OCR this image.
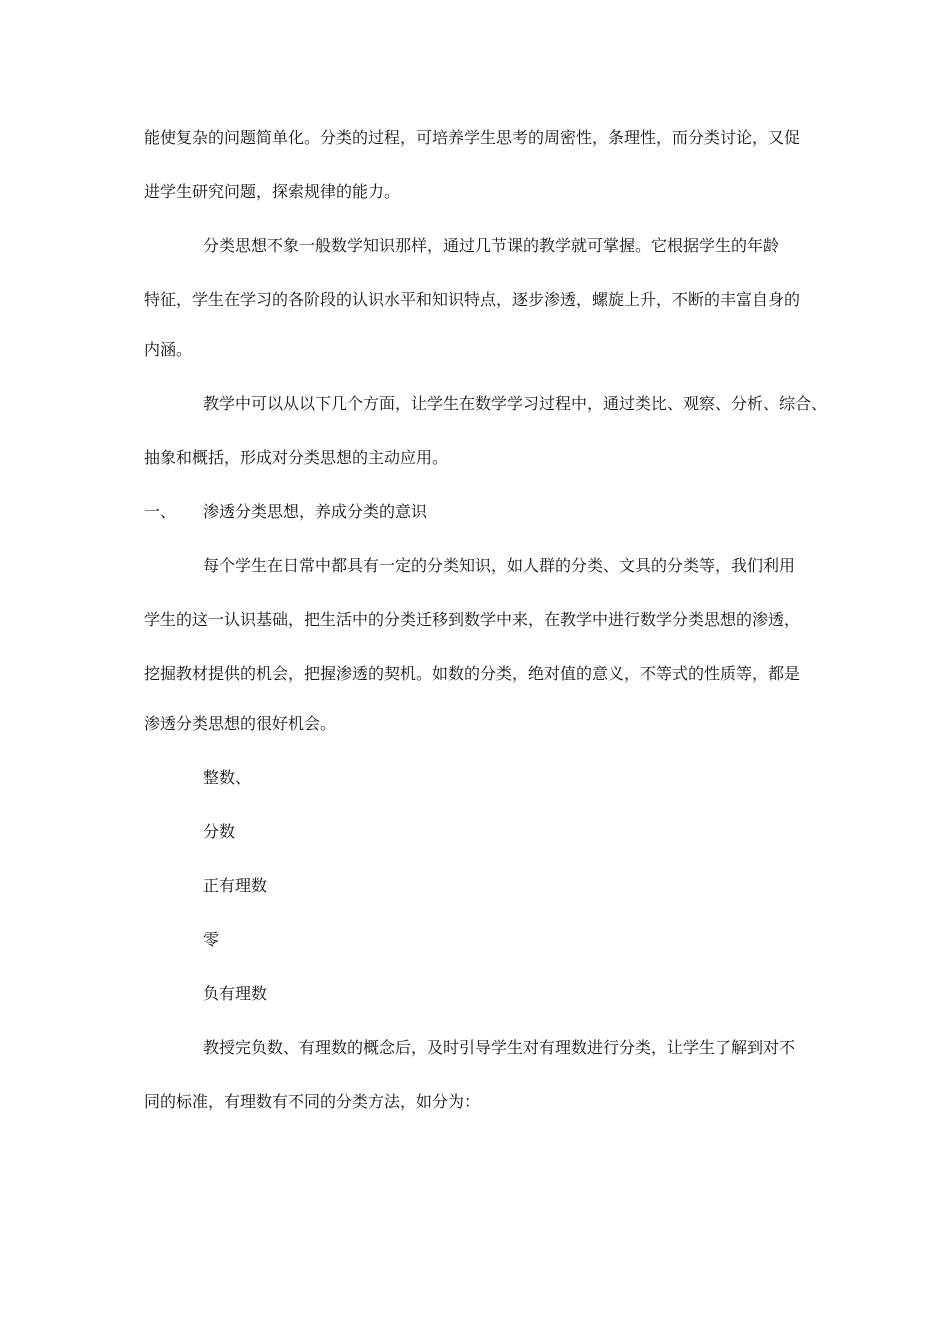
能使复杂的问题简单化。分类的过程，可培养学生思考的周密性，条理性，而分类讨论，又促
进学生研究问题，探索规律的能力。
分类思想不象一般数学知识那样，通过几节课的教学就可掌握。它根据学生的年龄
特征，学生在学习的各阶段的认识水平和知识特点，逐步渗透，螺旋上升，不断的丰富自身的
内涵。
教学中可以从以下几个方面，让学生在数学学习过程中，通过类比、观察、分析、综合、
抽象和概括，形成对分类思想的主动应用。
一、	渗透分类思想，养成分类的意识
每个学生在日常中都具有一定的分类知识，如人群的分类、文具的分类等，我们利用
学生的这一认识基础，把生活中的分类迁移到数学中来，在教学中进行数学分类思想的渗透，
挖掘教材提供的机会，把握渗透的契机。如数的分类，绝对值的意义，不等式的性质等，都是
渗透分类思想的很好机会。
整数、
分数
正有理数
零
负有理数
教授完负数、有理数的概念后，及时引导学生对有理数进行分类，让学生了解到对不
同的标准，有理数有不同的分类方法，如分为：
